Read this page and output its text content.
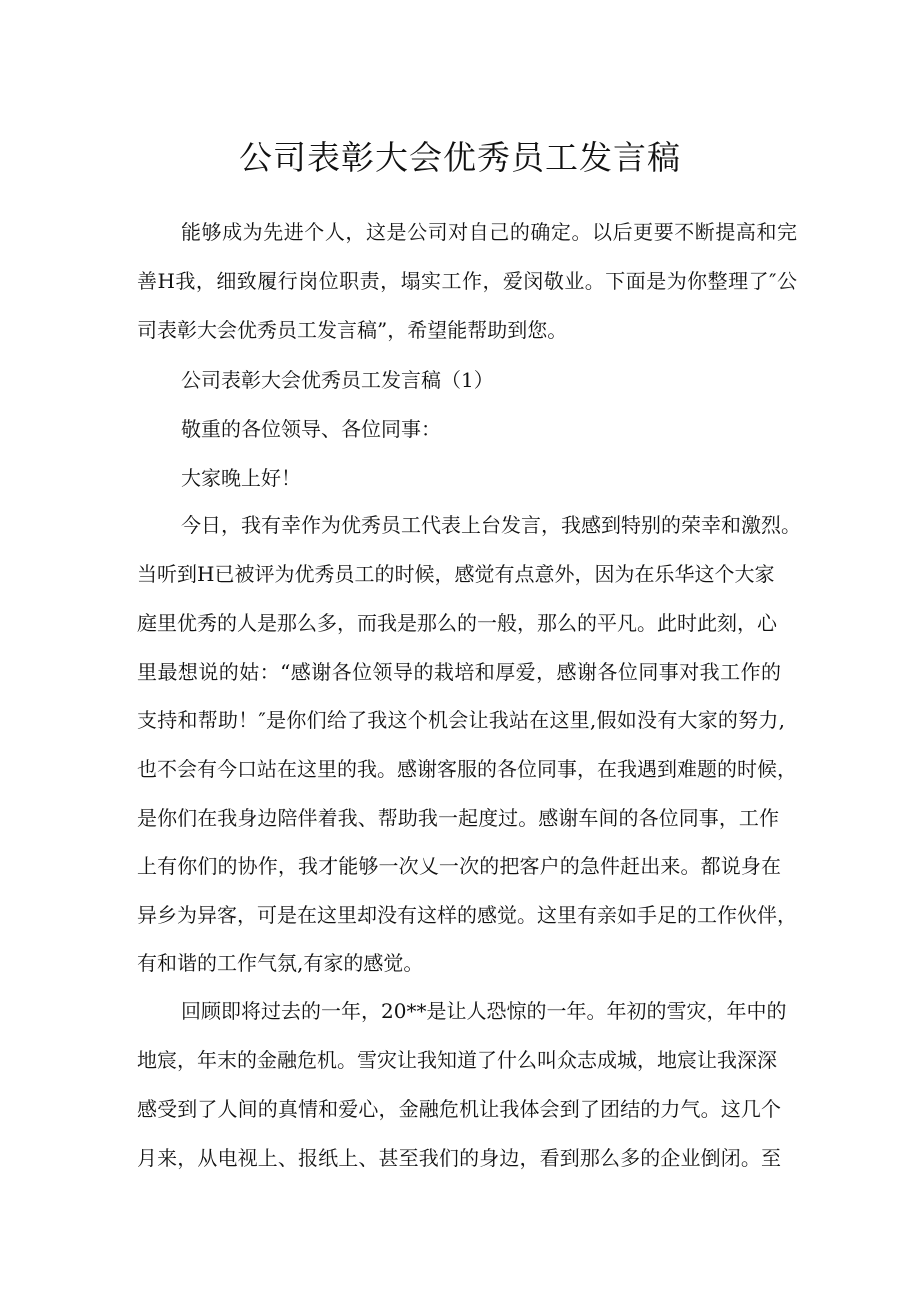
公司表彰大会优秀员工发言稿
能够成为先进个人，这是公司对自己的确定。以后更要不断提高和完
善H我，细致履行岗位职责，塌实工作，爱闵敬业。下面是为你整理了″公
司表彰大会优秀员工发言稿”，希望能帮助到您。
公司表彰大会优秀员工发言稿（1）
敬重的各位领导、各位同事：
大家晚上好！
今日，我有幸作为优秀员工代表上台发言，我感到特别的荣幸和激烈。
当听到H已被评为优秀员工的时候，感觉有点意外，因为在乐华这个大家
庭里优秀的人是那么多，而我是那么的一般，那么的平凡。此时此刻，心
里最想说的姑：“感谢各位领导的栽培和厚爱，感谢各位同事对我工作的
支持和帮助！″是你们给了我这个机会让我站在这里,假如没有大家的努力,
也不会有今口站在这里的我。感谢客服的各位同事，在我遇到难题的时候，
是你们在我身边陪伴着我、帮助我一起度过。感谢车间的各位同事，工作
上有你们的协作，我才能够一次乂一次的把客户的急件赶出来。都说身在
异乡为异客，可是在这里却没有这样的感觉。这里有亲如手足的工作伙伴，
有和谐的工作气氛,有家的感觉。
回顾即将过去的一年，20**是让人恐惊的一年。年初的雪灾，年中的
地宸，年末的金融危机。雪灾让我知道了什么叫众志成城，地宸让我深深
感受到了人间的真情和爱心，金融危机让我体会到了团结的力气。这几个
月来，从电视上、报纸上、甚至我们的身边，看到那么多的企业倒闭。至
